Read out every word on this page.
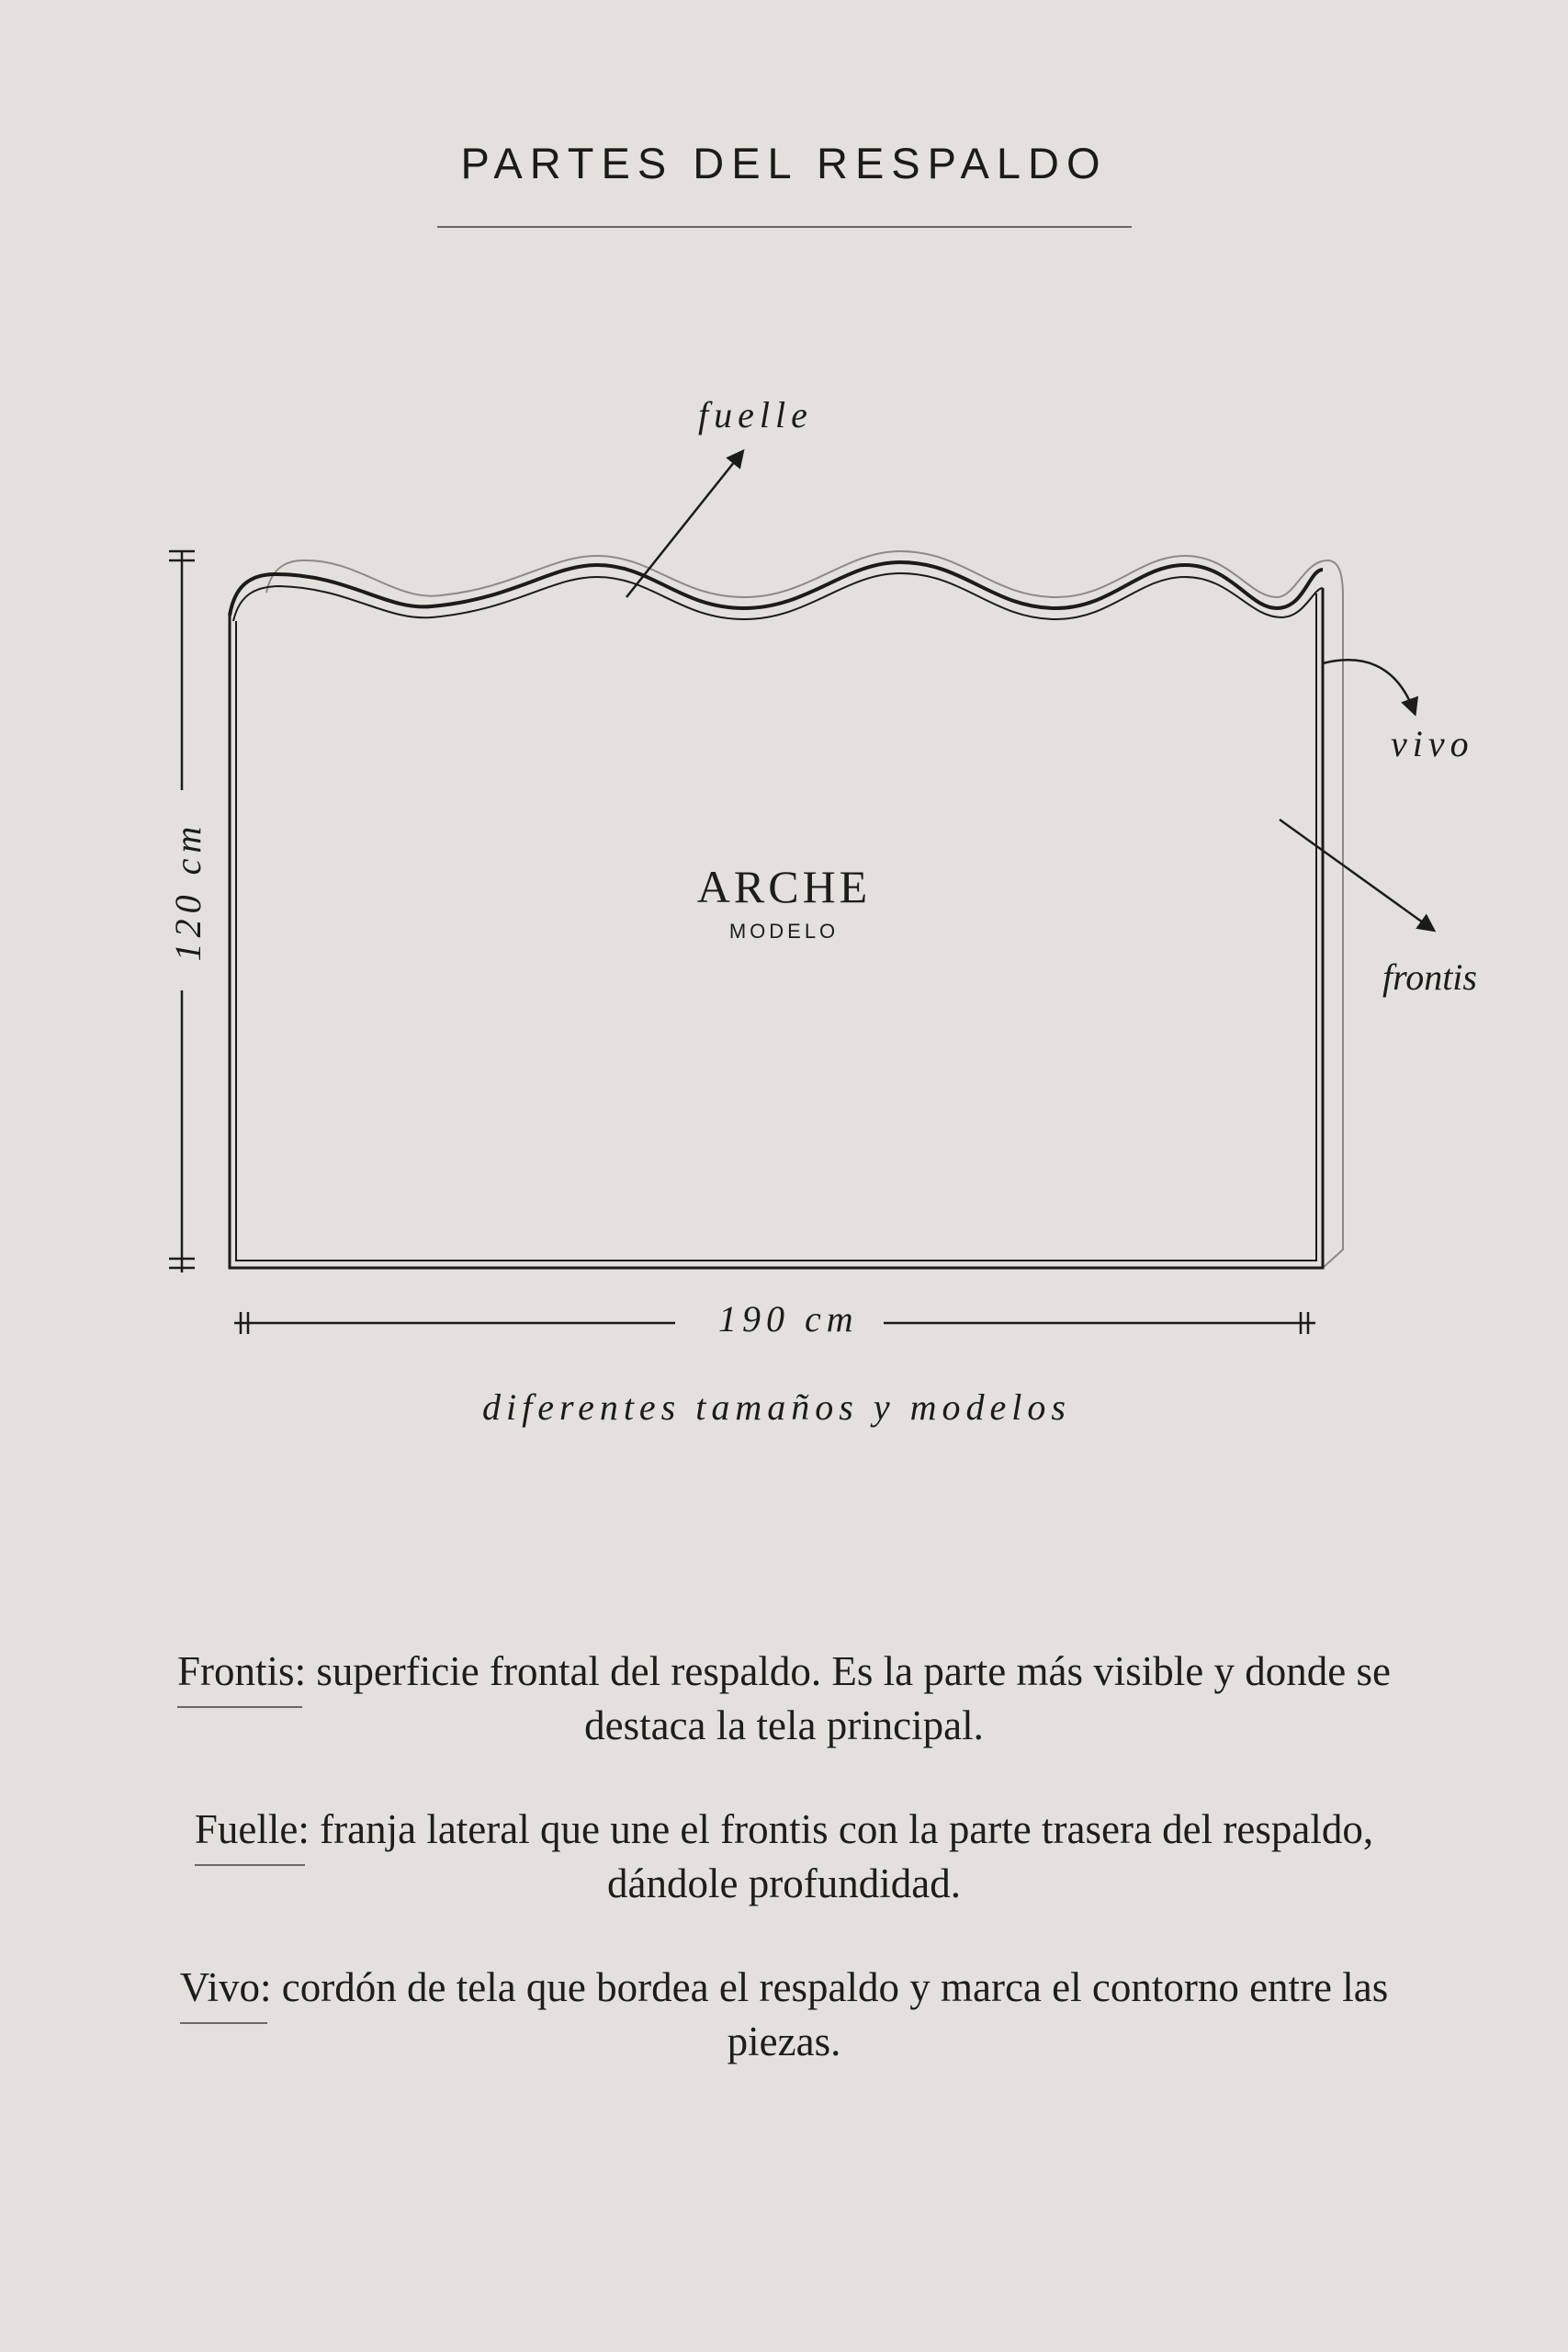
PARTES DEL RESPALDO
fuelle
vivo
frontis
120 cm
190 cm
diferentes tamaños y modelos
ARCHE
MODELO
Frontis: superficie frontal del respaldo. Es la parte más visible y donde se destaca la tela principal.
Fuelle: franja lateral que une el frontis con la parte trasera del respaldo, dándole profundidad.
Vivo: cordón de tela que bordea el respaldo y marca el contorno entre las piezas.
